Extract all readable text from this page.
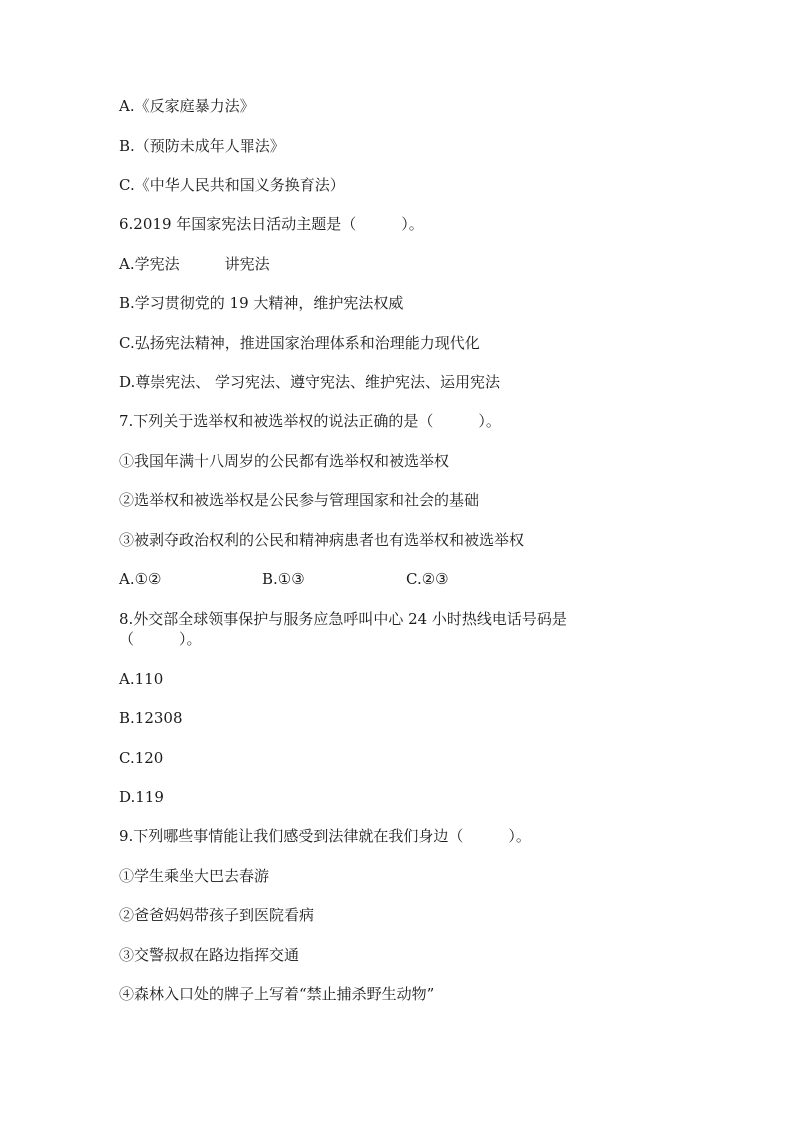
A.《反家庭暴力法》
B.（预防未成年人罪法》
C.《中华人民共和国义务换育法）
6.2019 年国家宪法日活动主题是（　　　）。
A.学宪法　　　讲宪法
B.学习贯彻党的 19 大精神，维护宪法权威
C.弘扬宪法精神，推进国家治理体系和治理能力现代化
D.尊崇宪法、 学习宪法、遵守宪法、维护宪法、运用宪法
7.下列关于选举权和被选举权的说法正确的是（　　　）。
①我国年满十八周岁的公民都有选举权和被选举权
②选举权和被选举权是公民参与管理国家和社会的基础
③被剥夺政治权利的公民和精神病患者也有选举权和被选举权
A.①②	B.①③	C.②③
8.外交部全球领事保护与服务应急呼叫中心 24 小时热线电话号码是
（　　　）。
A.110
B.12308
C.120
D.119
9.下列哪些事情能让我们感受到法律就在我们身边（　　　）。
①学生乘坐大巴去春游
②爸爸妈妈带孩子到医院看病
③交警叔叔在路边指挥交通
④森林入口处的牌子上写着“禁止捕杀野生动物”
